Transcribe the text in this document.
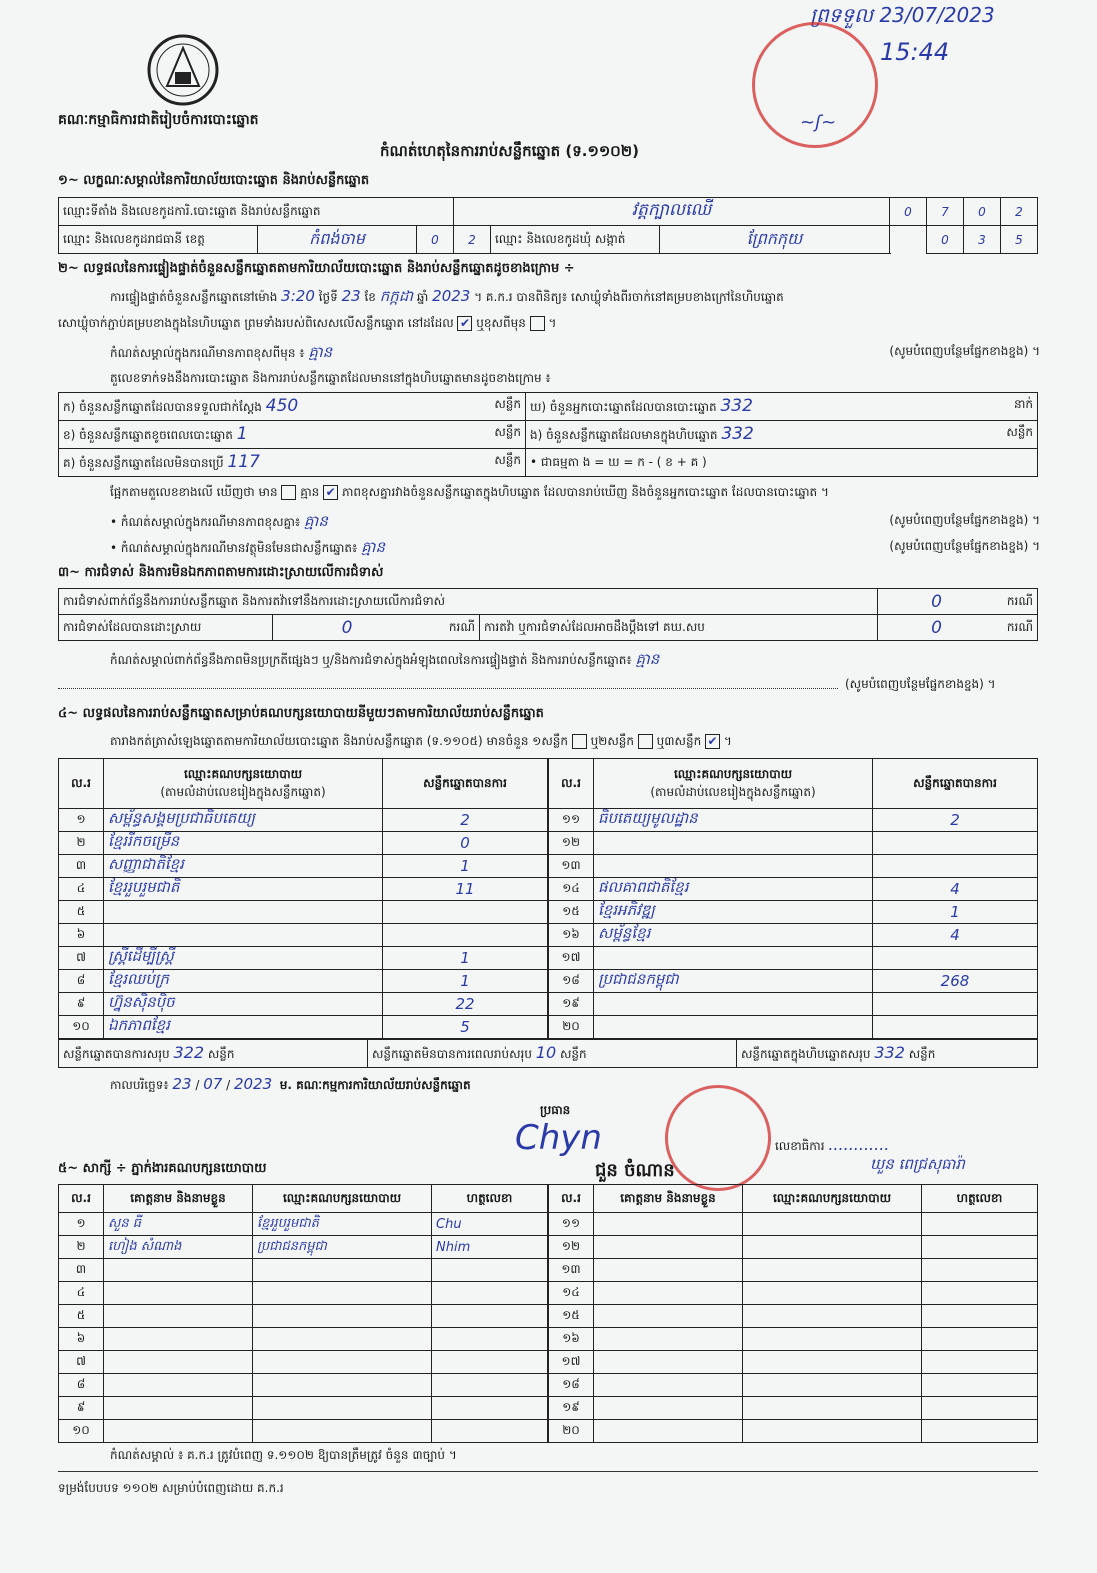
ព្រទទួល 23/07/2023
15:44
~ʃ~
គណៈកម្មាធិការជាតិរៀបចំការបោះឆ្នោត
កំណត់ហេតុនៃការរាប់សន្លឹកឆ្នោត (ទ.១១០២)
១~ លក្ខណៈសម្គាល់នៃការិយាល័យបោះឆ្នោត និងរាប់សន្លឹកឆ្នោត
ឈ្មោះទីតាំង និងលេខកូដការិ.បោះឆ្នោត និងរាប់សន្លឹកឆ្នោត			វត្តក្បាលឈើ			0	7	0	2
ឈ្មោះ និងលេខកូដរាជធានី ខេត្ត	កំពង់ចាម	0	2	ឈ្មោះ និងលេខកូដឃុំ សង្កាត់	ព្រែកកុយ		0	3	5
២~ លទ្ធផលនៃការផ្ទៀងផ្ទាត់ចំនួនសន្លឹកឆ្នោតតាមការិយាល័យបោះឆ្នោត និងរាប់សន្លឹកឆ្នោតដូចខាងក្រោម ÷
ការផ្ទៀងផ្ទាត់ចំនួនសន្លឹកឆ្នោតនៅម៉ោង 3:20 ថ្ងៃទី 23 ខែ កក្កដា ឆ្នាំ 2023 ។ គ.ក.រ បានពិនិត្យ៖ សោឃ្លុំទាំងពីរចាក់នៅគម្របខាងក្រៅនៃហិបឆ្នោត
សោឃ្លុំចាក់ភ្ជាប់គម្របខាងក្នុងនៃហិបឆ្នោត ព្រមទាំងរបស់ពិសេសលើសន្លឹកឆ្នោត នៅដដែល ✔ ឬខុសពីមុន  ។
កំណត់សម្គាល់ក្នុងករណីមានភាពខុសពីមុន ៖ គ្មាន	(សូមបំពេញបន្ថែមផ្នែកខាងខ្នង) ។
តួលេខទាក់ទងនឹងការបោះឆ្នោត និងការរាប់សន្លឹកឆ្នោតដែលមាននៅក្នុងហិបឆ្នោតមានដូចខាងក្រោម ៖
ក) ចំនួនសន្លឹកឆ្នោតដែលបានទទួលជាក់ស្តែង 450 សន្លឹក	ឃ) ចំនួនអ្នកបោះឆ្នោតដែលបានបោះឆ្នោត 332 នាក់

ខ) ចំនួនសន្លឹកឆ្នោតខូចពេលបោះឆ្នោត 1 សន្លឹក	ង) ចំនួនសន្លឹកឆ្នោតដែលមានក្នុងហិបឆ្នោត 332 សន្លឹក

គ) ចំនួនសន្លឹកឆ្នោតដែលមិនបានប្រើ 117 សន្លឹក	• ជាធម្មតា ង = ឃ = ក - ( ខ + គ )
ផ្អែកតាមតួលេខខាងលើ ឃើញថា មាន គ្មាន ✔ ភាពខុសគ្នារវាងចំនួនសន្លឹកឆ្នោតក្នុងហិបឆ្នោត ដែលបានរាប់ឃើញ និងចំនួនអ្នកបោះឆ្នោត ដែលបានបោះឆ្នោត ។
• កំណត់សម្គាល់ក្នុងករណីមានភាពខុសគ្នា៖ គ្មាន	(សូមបំពេញបន្ថែមផ្នែកខាងខ្នង) ។
• កំណត់សម្គាល់ក្នុងករណីមានវត្ថុមិនមែនជាសន្លឹកឆ្នោត៖ គ្មាន	(សូមបំពេញបន្ថែមផ្នែកខាងខ្នង) ។
៣~ ការជំទាស់ និងការមិនឯកភាពតាមការដោះស្រាយលើការជំទាស់
ការជំទាស់ពាក់ព័ន្ធនឹងការរាប់សន្លឹកឆ្នោត និងការតវ៉ាទៅនឹងការដោះស្រាយលើការជំទាស់				0	ករណី
ការជំទាស់ដែលបានដោះស្រាយ	0	ករណី	ការតវ៉ា ឬការជំទាស់ដែលអាចដឹងប្តឹងទៅ គឃ.សប	0	ករណី
កំណត់សម្គាល់ពាក់ព័ន្ធនឹងភាពមិនប្រក្រតីផ្សេងៗ ឬ/និងការជំទាស់ក្នុងអំឡុងពេលនៃការផ្ទៀងផ្ទាត់ និងការរាប់សន្លឹកឆ្នោត៖ គ្មាន
(សូមបំពេញបន្ថែមផ្នែកខាងខ្នង) ។
៤~ លទ្ធផលនៃការរាប់សន្លឹកឆ្នោតសម្រាប់គណបក្សនយោបាយនីមួយៗតាមការិយាល័យរាប់សន្លឹកឆ្នោត
តារាងកត់ត្រាសំឡេងឆ្នោតតាមការិយាល័យបោះឆ្នោត និងរាប់សន្លឹកឆ្នោត (ទ.១១០៥) មានចំនួន ១សន្លឹក ឬ២សន្លឹក ឬ៣សន្លឹក ✔ ។
ល.រ	ឈ្មោះគណបក្សនយោបាយ
(តាមលំដាប់លេខរៀងក្នុងសន្លឹកឆ្នោត)	សន្លឹកឆ្នោតបានការ
១	សម្ព័ន្ធសង្គមប្រជាធិបតេយ្យ	2
២	ខ្មែររីកចម្រើន	0
៣	សញ្ញាជាតិខ្មែរ	1
៤	ខ្មែររួបរួមជាតិ	11
៥		
៦		
៧	ស្ត្រីដើម្បីស្ត្រី	1
៨	ខ្មែរឈប់ក្រ	1
៩	ហ្វ៊ុនស៊ិនប៉ិច	22
១០	ឯកភាពខ្មែរ	5
ល.រ	ឈ្មោះគណបក្សនយោបាយ
(តាមលំដាប់លេខរៀងក្នុងសន្លឹកឆ្នោត)	សន្លឹកឆ្នោតបានការ
១១	ធិបតេយ្យមូលដ្ឋាន	2
១២		
១៣		
១៤	ផលគាពជាតិខ្មែរ	4
១៥	ខ្មែរអភិវឌ្ឍ	1
១៦	សម្ព័ន្ធខ្មែរ	4
១៧		
១៨	ប្រជាជនកម្ពុជា	268
១៩		
២០		
សន្លឹកឆ្នោតបានការសរុប 322 សន្លឹក	សន្លឹកឆ្នោតមិនបានការពេលរាប់សរុប 10 សន្លឹក	សន្លឹកឆ្នោតក្នុងហិបឆ្នោតសរុប 332 សន្លឹក
កាលបរិច្ឆេទ៖ 23 / 07 / 2023 ម. គណៈកម្មការការិយាល័យរាប់សន្លឹកឆ្នោត
ប្រធាន
Chyn
ជួន ចំណាន
លេខាធិការ ............
ឃួន ពេជ្រសុធារ៉ា
៥~ សាក្សី ÷ ភ្នាក់ងារគណបក្សនយោបាយ
ល.រ	គោត្តនាម និងនាមខ្លួន	ឈ្មោះគណបក្សនយោបាយ	ហត្ថលេខា
១	សួន ធី	ខ្មែររួបរួមជាតិ	Chu
២	ហៀង សំណាង	ប្រជាជនកម្ពុជា	Nhim
៣			
៤			
៥			
៦			
៧			
៨			
៩			
១០			
ល.រ	គោត្តនាម និងនាមខ្លួន	ឈ្មោះគណបក្សនយោបាយ	ហត្ថលេខា
១១			
១២			
១៣			
១៤			
១៥			
១៦			
១៧			
១៨			
១៩			
២០			
កំណត់សម្គាល់ ៖ គ.ក.រ ត្រូវបំពេញ ទ.១១០២ ឱ្យបានត្រឹមត្រូវ ចំនួន ៣ច្បាប់ ។
ទម្រង់បែបបទ ១១០២ សម្រាប់បំពេញដោយ គ.ក.រ
